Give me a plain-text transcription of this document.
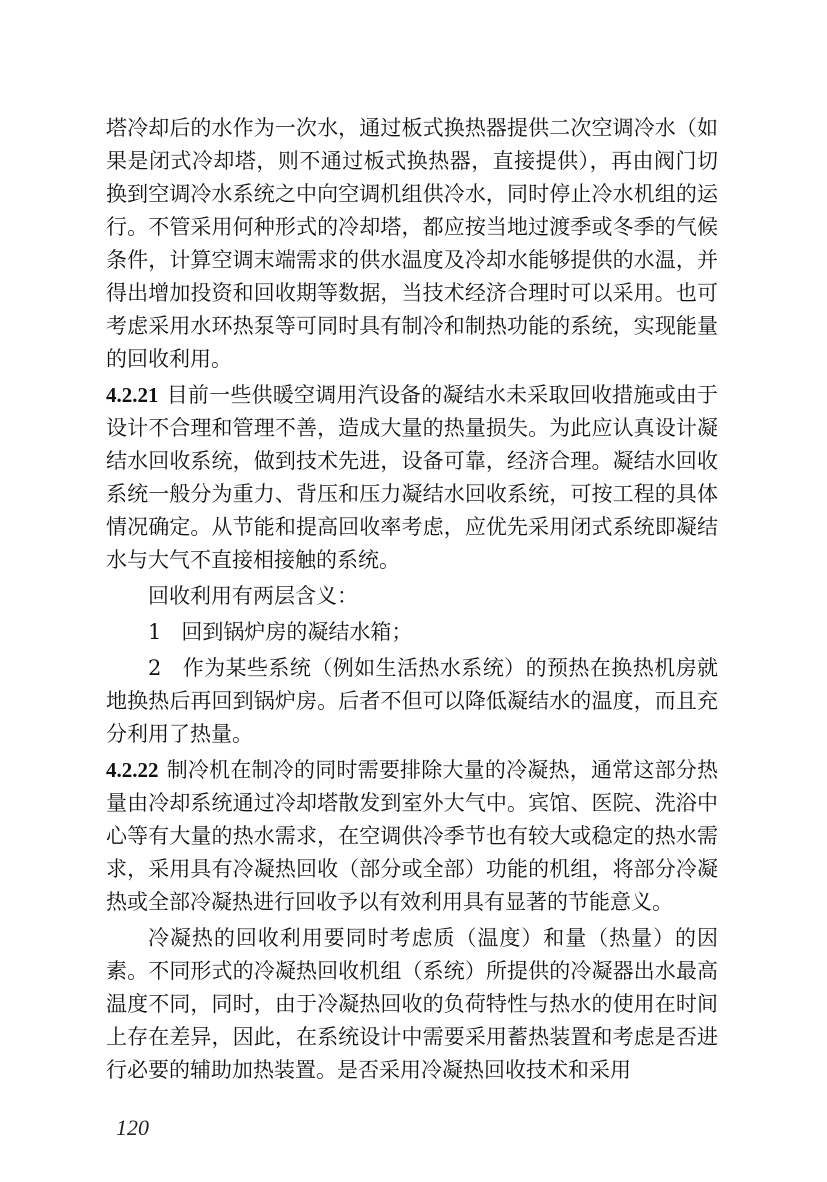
塔冷却后的水作为一次水，通过板式换热器提供二次空调冷水（如果是闭式冷却塔，则不通过板式换热器，直接提供），再由阀门切换到空调冷水系统之中向空调机组供冷水，同时停止冷水机组的运行。不管采用何种形式的冷却塔，都应按当地过渡季或冬季的气候条件，计算空调末端需求的供水温度及冷却水能够提供的水温，并得出增加投资和回收期等数据，当技术经济合理时可以采用。也可考虑采用水环热泵等可同时具有制冷和制热功能的系统，实现能量的回收利用。

4.2.21 目前一些供暖空调用汽设备的凝结水未采取回收措施或由于设计不合理和管理不善，造成大量的热量损失。为此应认真设计凝结水回收系统，做到技术先进，设备可靠，经济合理。凝结水回收系统一般分为重力、背压和压力凝结水回收系统，可按工程的具体情况确定。从节能和提高回收率考虑，应优先采用闭式系统即凝结水与大气不直接相接触的系统。

回收利用有两层含义：

1 回到锅炉房的凝结水箱；

2 作为某些系统（例如生活热水系统）的预热在换热机房就地换热后再回到锅炉房。后者不但可以降低凝结水的温度，而且充分利用了热量。

4.2.22 制冷机在制冷的同时需要排除大量的冷凝热，通常这部分热量由冷却系统通过冷却塔散发到室外大气中。宾馆、医院、洗浴中心等有大量的热水需求，在空调供冷季节也有较大或稳定的热水需求，采用具有冷凝热回收（部分或全部）功能的机组，将部分冷凝热或全部冷凝热进行回收予以有效利用具有显著的节能意义。

冷凝热的回收利用要同时考虑质（温度）和量（热量）的因素。不同形式的冷凝热回收机组（系统）所提供的冷凝器出水最高温度不同，同时，由于冷凝热回收的负荷特性与热水的使用在时间上存在差异，因此，在系统设计中需要采用蓄热装置和考虑是否进行必要的辅助加热装置。是否采用冷凝热回收技术和采用

120
